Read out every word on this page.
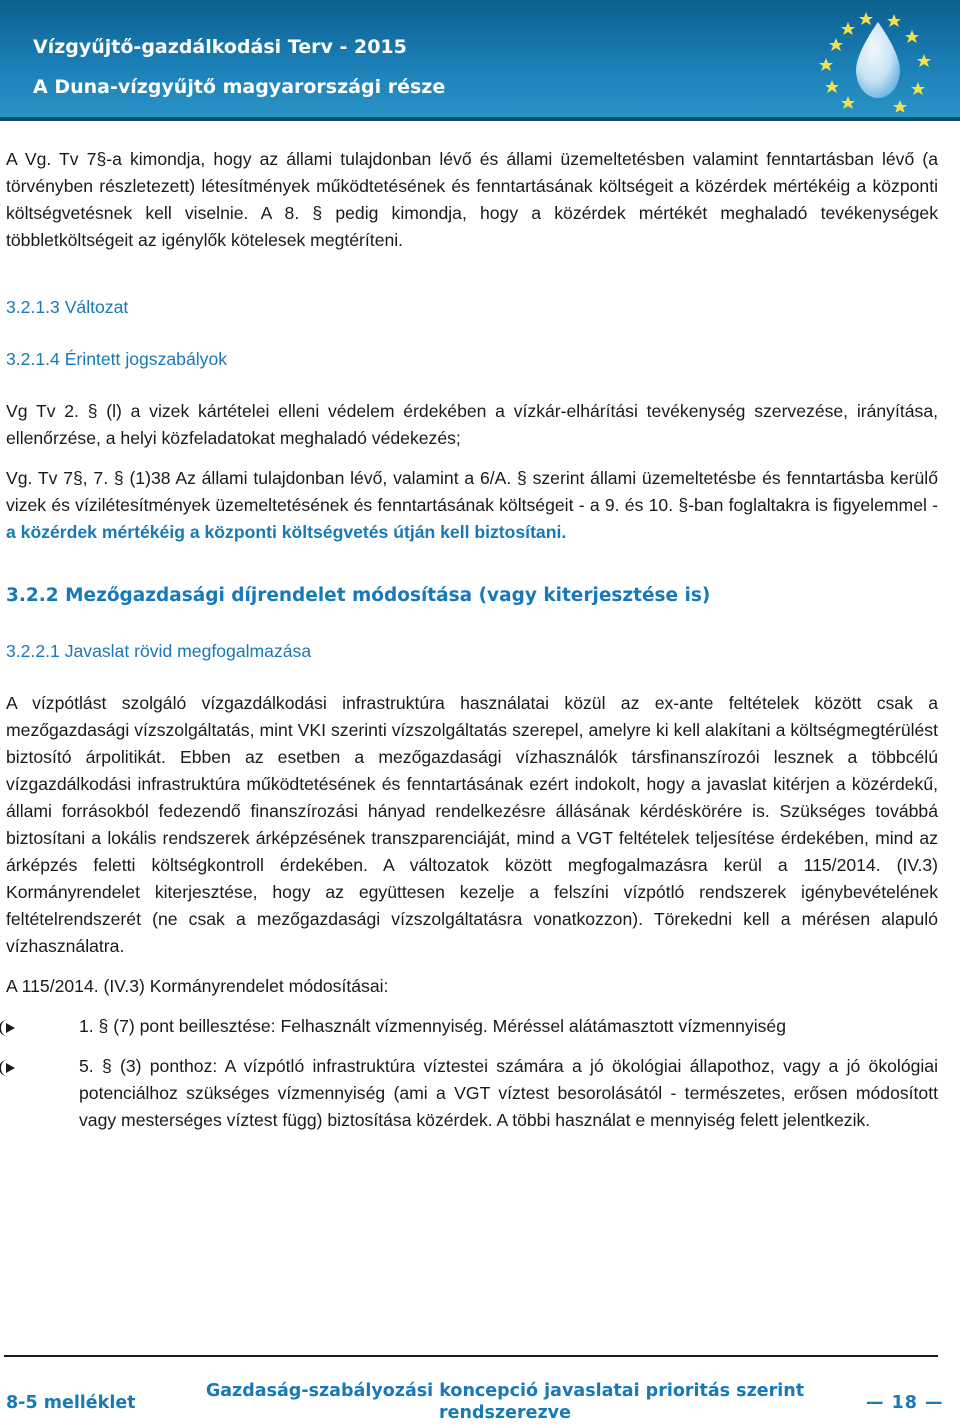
Vízgyűjtő-gazdálkodási Terv - 2015

A Duna-vízgyűjtő magyarországi része

A Vg. Tv 7§-a kimondja, hogy az állami tulajdonban lévő és állami üzemeltetésben valamint fenntartásban lévő (a törvényben részletezett) létesítmények működtetésének és fenntartásának költségeit a közérdek mértékéig a központi költségvetésnek kell viselnie. A 8. § pedig kimondja, hogy a közérdek mértékét meghaladó tevékenységek többletköltségeit az igénylők kötelesek megtéríteni.

3.2.1.3 Változat

3.2.1.4 Érintett jogszabályok

Vg Tv 2. § (l) a vizek kártételei elleni védelem érdekében a vízkár-elhárítási tevékenység szervezése, irányítása, ellenőrzése, a helyi közfeladatokat meghaladó védekezés;

Vg. Tv 7§, 7. § (1)38 Az állami tulajdonban lévő, valamint a 6/A. § szerint állami üzemeltetésbe és fenntartásba kerülő vizek és vízilétesítmények üzemeltetésének és fenntartásának költségeit - a 9. és 10. §-ban foglaltakra is figyelemmel - a közérdek mértékéig a központi költségvetés útján kell biztosítani.

3.2.2 Mezőgazdasági díjrendelet módosítása (vagy kiterjesztése is)

3.2.2.1 Javaslat rövid megfogalmazása

A vízpótlást szolgáló vízgazdálkodási infrastruktúra használatai közül az ex-ante feltételek között csak a mezőgazdasági vízszolgáltatás, mint VKI szerinti vízszolgáltatás szerepel, amelyre ki kell alakítani a költségmegtérülést biztosító árpolitikát. Ebben az esetben a mezőgazdasági vízhasználók társfinanszírozói lesznek a többcélú vízgazdálkodási infrastruktúra működtetésének és fenntartásának ezért indokolt, hogy a javaslat kitérjen a közérdekű, állami forrásokból fedezendő finanszírozási hányad rendelkezésre állásának kérdéskörére is. Szükséges továbbá biztosítani a lokális rendszerek árképzésének transzparenciáját, mind a VGT feltételek teljesítése érdekében, mind az árképzés feletti költségkontroll érdekében. A változatok között megfogalmazásra kerül a 115/2014. (IV.3) Kormányrendelet kiterjesztése, hogy az együttesen kezelje a felszíni vízpótló rendszerek igénybevételének feltételrendszerét (ne csak a mezőgazdasági vízszolgáltatásra vonatkozzon). Törekedni kell a mérésen alapuló vízhasználatra.

A 115/2014. (IV.3) Kormányrendelet módosításai:

1. § (7) pont beillesztése: Felhasznált vízmennyiség. Méréssel alátámasztott vízmennyiség
5. § (3) ponthoz: A vízpótló infrastruktúra víztestei számára a jó ökológiai állapothoz, vagy a jó ökológiai potenciálhoz szükséges vízmennyiség (ami a VGT víztest besorolásától - természetes, erősen módosított vagy mesterséges víztest függ) biztosítása közérdek. A többi használat e mennyiség felett jelentkezik.
8-5 melléklet
Gazdaság-szabályozási koncepció javaslatai prioritás szerint rendszerezve	— 18 —
